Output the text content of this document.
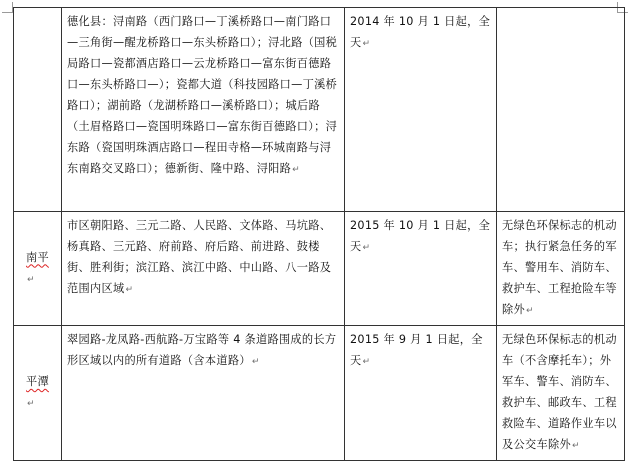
	德化县：浔南路（西门路口—丁溪桥路口—南门路口—三角街—醒龙桥路口—东头桥路口）；浔北路（国税局路口—瓷都酒店路口—云龙桥路口—富东街百德路口—东头桥路口—）；瓷都大道（科技园路口—丁溪桥路口）；湖前路（龙湖桥路口—溪桥路口）；城后路（土眉格路口—瓷国明珠路口—富东街百德路口）；浔东路（瓷国明珠酒店路口—程田寺格—环城南路与浔东南路交叉路口）；德新街、隆中路、浔阳路↵	2014 年 10 月 1 日起，全天↵	
南平↵	市区朝阳路、三元二路、人民路、文体路、马坑路、杨真路、三元路、府前路、府后路、前进路、鼓楼街、胜利街；滨江路、滨江中路、中山路、八一路及范围内区域↵	2015 年 10 月 1 日起，全天↵	无绿色环保标志的机动车；执行紧急任务的军车、警用车、消防车、救护车、工程抢险车等除外↵
平潭↵	翠园路-龙凤路-西航路-万宝路等 4 条道路围成的长方形区域以内的所有道路（含本道路）↵	2015 年 9 月 1 日起，全天↵	无绿色环保标志的机动车（不含摩托车）；外军车、警车、消防车、救护车、邮政车、工程救险车、道路作业车以及公交车除外↵
